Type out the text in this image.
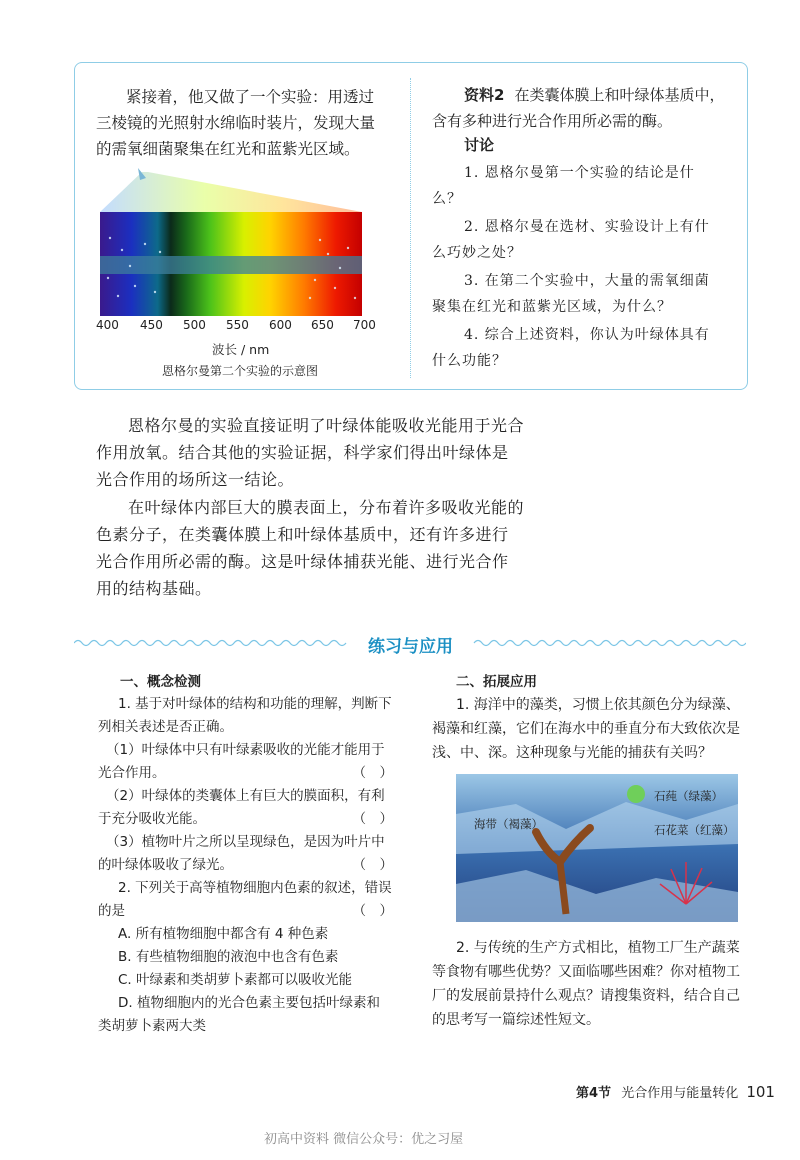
紧接着，他又做了一个实验：用透过三棱镜的光照射水绵临时装片，发现大量的需氧细菌聚集在红光和蓝紫光区域。

400 450 500 550 600 650 700
波长 / nm
恩格尔曼第二个实验的示意图
资料2 在类囊体膜上和叶绿体基质中，含有多种进行光合作用所必需的酶。
讨论

1. 恩格尔曼第一个实验的结论是什么？

2. 恩格尔曼在选材、实验设计上有什么巧妙之处？

3. 在第二个实验中，大量的需氧细菌聚集在红光和蓝紫光区域，为什么？

4. 综合上述资料，你认为叶绿体具有什么功能？

恩格尔曼的实验直接证明了叶绿体能吸收光能用于光合作用放氧。结合其他的实验证据，科学家们得出叶绿体是光合作用的场所这一结论。

在叶绿体内部巨大的膜表面上，分布着许多吸收光能的色素分子，在类囊体膜上和叶绿体基质中，还有许多进行光合作用所必需的酶。这是叶绿体捕获光能、进行光合作用的结构基础。

练习与应用
一、概念检测

1. 基于对叶绿体的结构和功能的理解，判断下列相关表述是否正确。

（1）叶绿体中只有叶绿素吸收的光能才能用于光合作用。	（　）

（2）叶绿体的类囊体上有巨大的膜面积，有利于充分吸收光能。	（　）

（3）植物叶片之所以呈现绿色，是因为叶片中的叶绿体吸收了绿光。	（　）

2. 下列关于高等植物细胞内色素的叙述，错误的是	（　）

A. 所有植物细胞中都含有 4 种色素

B. 有些植物细胞的液泡中也含有色素

C. 叶绿素和类胡萝卜素都可以吸收光能

D. 植物细胞内的光合色素主要包括叶绿素和类胡萝卜素两大类

二、拓展应用

1. 海洋中的藻类，习惯上依其颜色分为绿藻、褐藻和红藻，它们在海水中的垂直分布大致依次是浅、中、深。这种现象与光能的捕获有关吗？

石莼（绿藻）
海带（褐藻）	石花菜（红藻）

2. 与传统的生产方式相比，植物工厂生产蔬菜等食物有哪些优势？又面临哪些困难？你对植物工厂的发展前景持什么观点？请搜集资料，结合自己的思考写一篇综述性短文。

第4节 光合作用与能量转化 101
初高中资料 微信公众号：优之习屋
